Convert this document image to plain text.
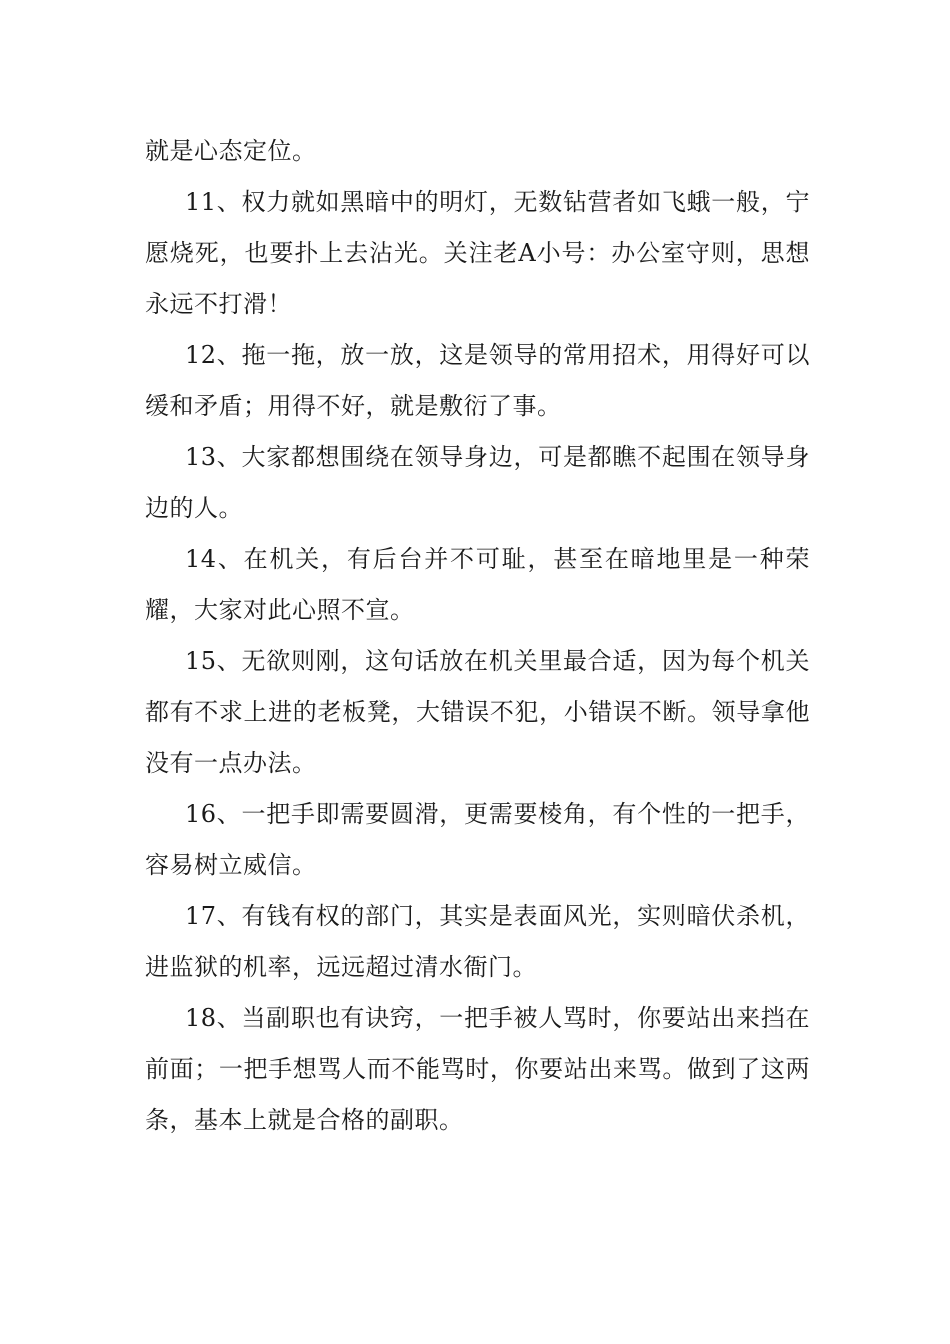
就是心态定位。

11、权力就如黑暗中的明灯，无数钻营者如飞蛾一般，宁愿烧死，也要扑上去沾光。关注老A小号：办公室守则，思想永远不打滑！

12、拖一拖，放一放，这是领导的常用招术，用得好可以缓和矛盾；用得不好，就是敷衍了事。

13、大家都想围绕在领导身边，可是都瞧不起围在领导身边的人。

14、在机关，有后台并不可耻，甚至在暗地里是一种荣耀，大家对此心照不宣。

15、无欲则刚，这句话放在机关里最合适，因为每个机关都有不求上进的老板凳，大错误不犯，小错误不断。领导拿他没有一点办法。

16、一把手即需要圆滑，更需要棱角，有个性的一把手，容易树立威信。

17、有钱有权的部门，其实是表面风光，实则暗伏杀机，进监狱的机率，远远超过清水衙门。

18、当副职也有诀窍，一把手被人骂时，你要站出来挡在前面；一把手想骂人而不能骂时，你要站出来骂。做到了这两条，基本上就是合格的副职。
